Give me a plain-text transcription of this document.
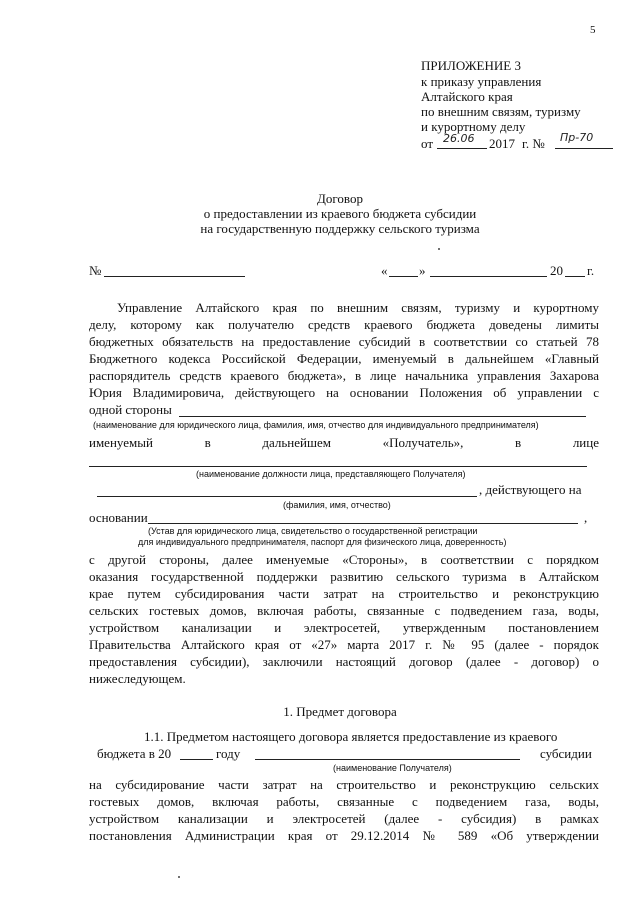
5
ПРИЛОЖЕНИЕ 3
к приказу управления
Алтайского края
по внешним связям, туризму
и курортному делу
от 26.06 2017 г. № Пр-70
Договор
о предоставлении из краевого бюджета субсидии
на государственную поддержку сельского туризма
№	« »	20 г.
Управление Алтайского края по внешним связям, туризму и курортному
делу, которому как получателю средств краевого бюджета доведены лимиты
бюджетных обязательств на предоставление субсидий в соответствии со статьей 78
Бюджетного кодекса Российской Федерации, именуемый в дальнейшем «Главный
распорядитель средств краевого бюджета», в лице начальника управления Захарова
Юрия Владимировича, действующего на основании Положения об управлении с
одной стороны
(наименование для юридического лица, фамилия, имя, отчество для индивидуального предпринимателя)
именуемый в дальнейшем «Получатель», в лице
(наименование должности лица, представляющего Получателя)
, действующего на
(фамилия, имя, отчество)
основании	,
(Устав для юридического лица, свидетельство о государственной регистрации
для индивидуального предпринимателя, паспорт для физического лица, доверенность)
с другой стороны, далее именуемые «Стороны», в соответствии с порядком
оказания государственной поддержки развитию сельского туризма в Алтайском
крае путем субсидирования части затрат на строительство и реконструкцию
сельских гостевых домов, включая работы, связанные с подведением газа, воды,
устройством канализации и электросетей, утвержденным постановлением
Правительства Алтайского края от «27» марта 2017 г. № 95 (далее - порядок
предоставления субсидии), заключили настоящий договор (далее - договор) о
нижеследующем.
1. Предмет договора
1.1. Предметом настоящего договора является предоставление из краевого
бюджета в 20	году	субсидии
(наименование Получателя)
на субсидирование части затрат на строительство и реконструкцию сельских
гостевых домов, включая работы, связанные с подведением газа, воды,
устройством канализации и электросетей (далее - субсидия) в рамках
постановления Администрации края от 29.12.2014 № 589 «Об утверждении
